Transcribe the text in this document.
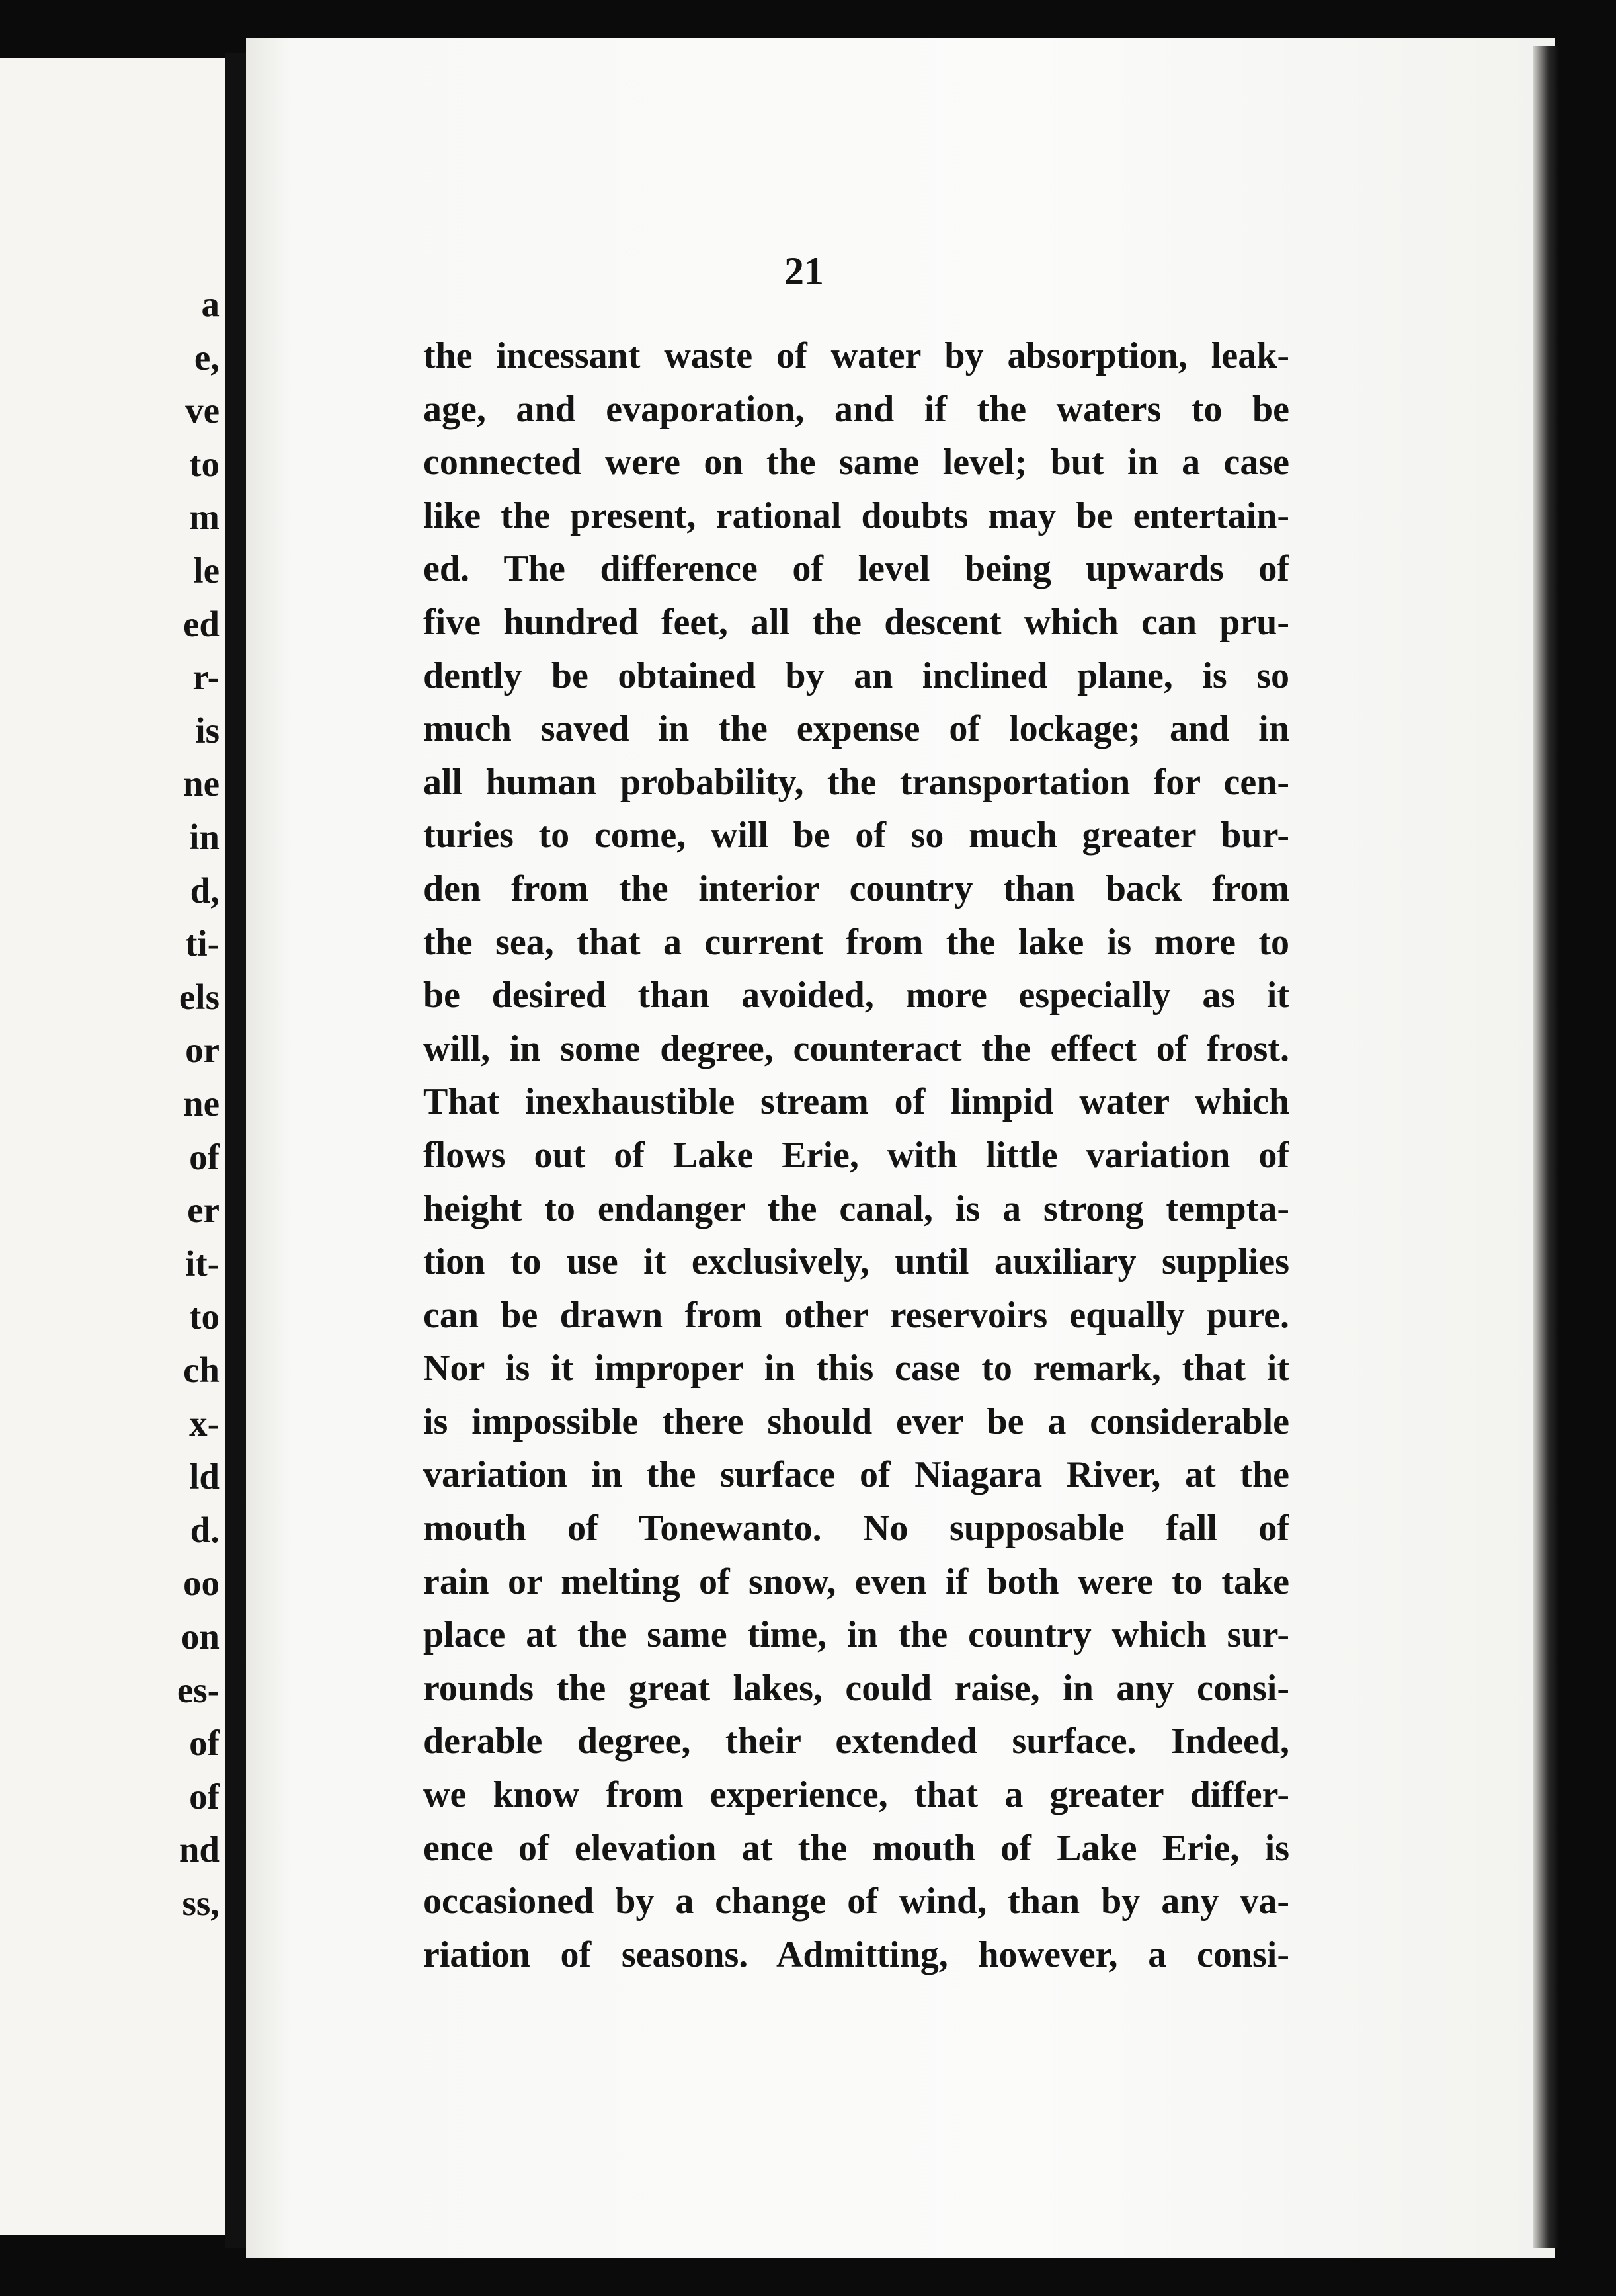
a
e,
ve
to
m
le
ed
r-
is
ne
in
d,
ti-
els
or
ne
of
er
it-
to
ch
x-
ld
d.
oo
on
es-
of
of
nd
ss,
21
the incessant waste of water by absorption, leak-
age, and evaporation, and if the waters to be
connected were on the same level; but in a case
like the present, rational doubts may be entertain-
ed. The difference of level being upwards of
five hundred feet, all the descent which can pru-
dently be obtained by an inclined plane, is so
much saved in the expense of lockage; and in
all human probability, the transportation for cen-
turies to come, will be of so much greater bur-
den from the interior country than back from
the sea, that a current from the lake is more to
be desired than avoided, more especially as it
will, in some degree, counteract the effect of frost.
That inexhaustible stream of limpid water which
flows out of Lake Erie, with little variation of
height to endanger the canal, is a strong tempta-
tion to use it exclusively, until auxiliary supplies
can be drawn from other reservoirs equally pure.
Nor is it improper in this case to remark, that it
is impossible there should ever be a considerable
variation in the surface of Niagara River, at the
mouth of Tonewanto. No supposable fall of
rain or melting of snow, even if both were to take
place at the same time, in the country which sur-
rounds the great lakes, could raise, in any consi-
derable degree, their extended surface. Indeed,
we know from experience, that a greater differ-
ence of elevation at the mouth of Lake Erie, is
occasioned by a change of wind, than by any va-
riation of seasons. Admitting, however, a consi-
